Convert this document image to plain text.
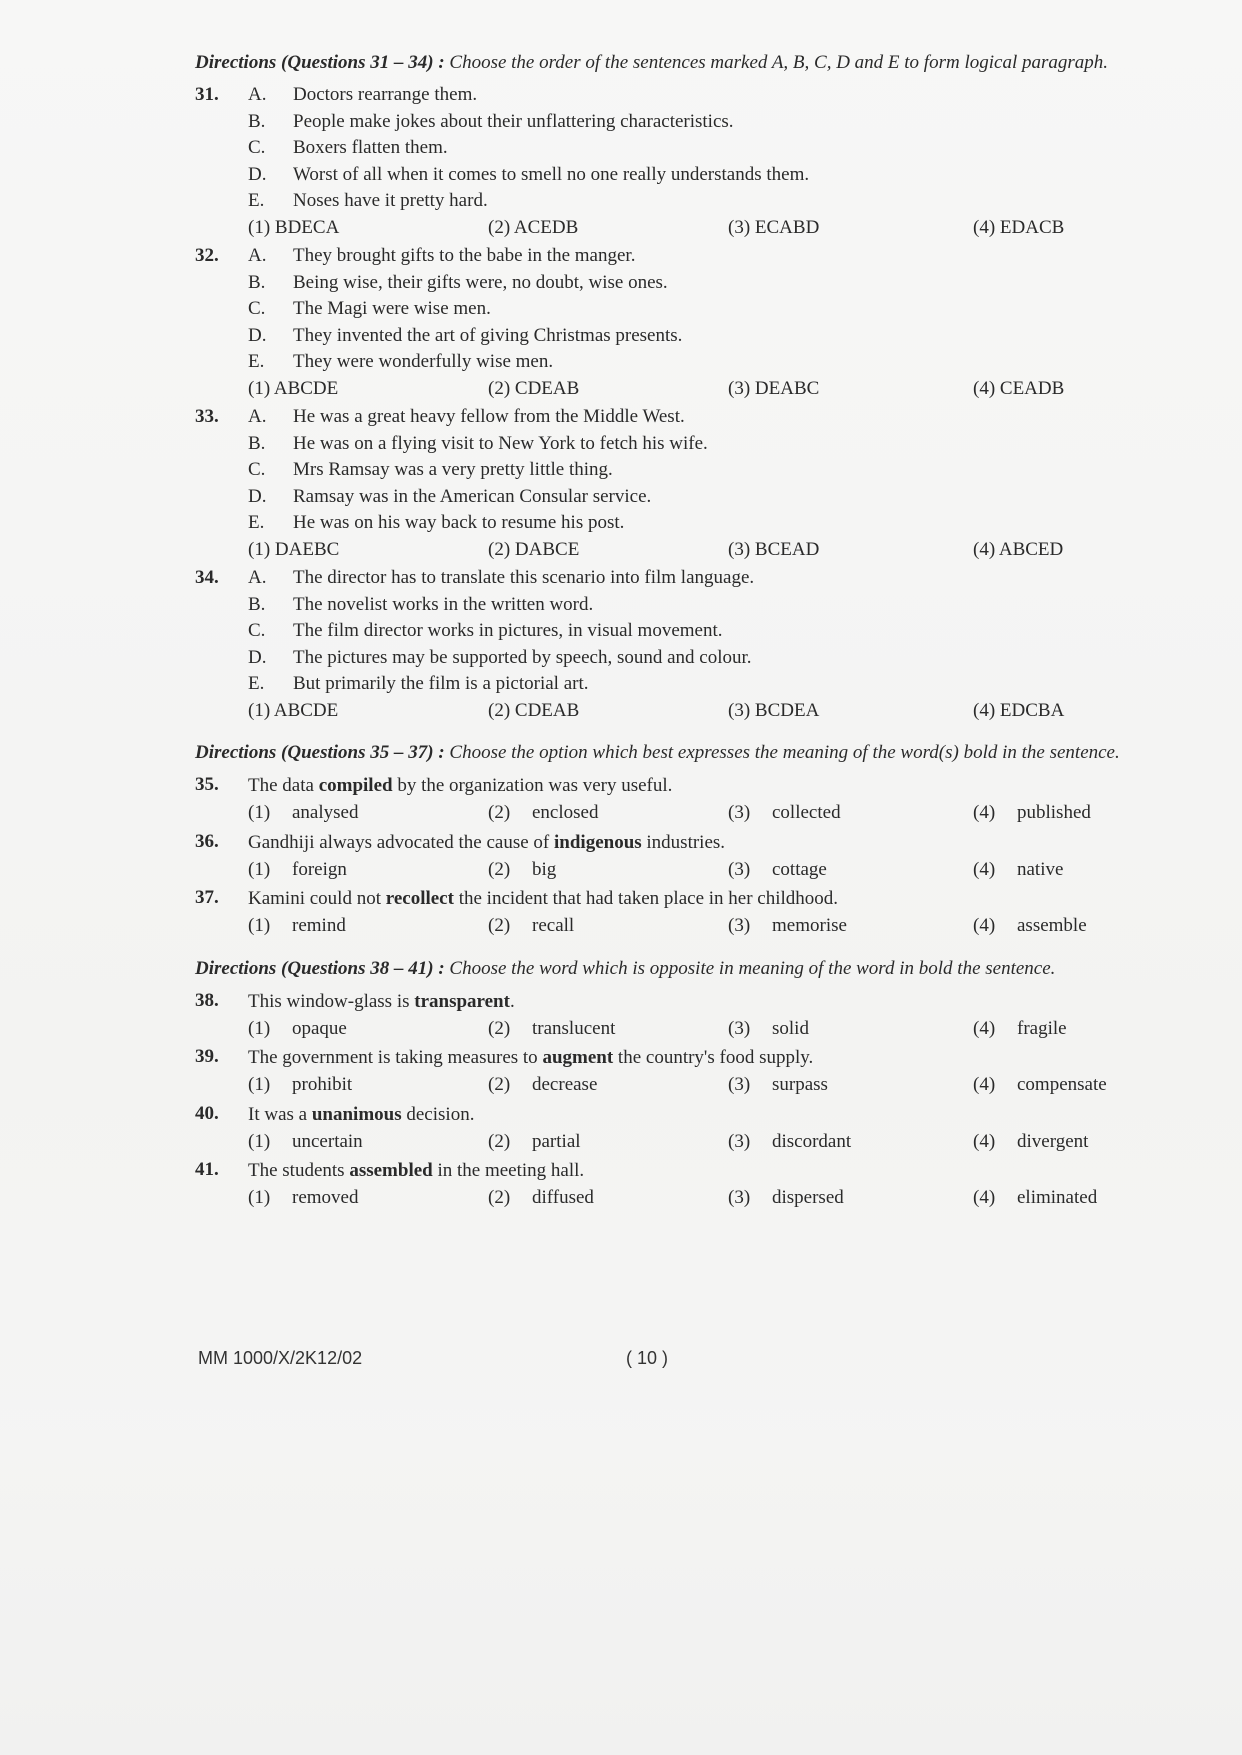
Directions (Questions 31 – 34) : Choose the order of the sentences marked A, B, C, D and E to form logical paragraph.
31.	A.	Doctors rearrange them.
B.	People make jokes about their unflattering characteristics.
C.	Boxers flatten them.
D.	Worst of all when it comes to smell no one really understands them.
E.	Noses have it pretty hard.
(1) BDECA	(2) ACEDB	(3) ECABD	(4) EDACB
32.	A.	They brought gifts to the babe in the manger.
B.	Being wise, their gifts were, no doubt, wise ones.
C.	The Magi were wise men.
D.	They invented the art of giving Christmas presents.
E.	They were wonderfully wise men.
(1) ABCDE	(2) CDEAB	(3) DEABC	(4) CEADB
33.	A.	He was a great heavy fellow from the Middle West.
B.	He was on a flying visit to New York to fetch his wife.
C.	Mrs Ramsay was a very pretty little thing.
D.	Ramsay was in the American Consular service.
E.	He was on his way back to resume his post.
(1) DAEBC	(2) DABCE	(3) BCEAD	(4) ABCED
34.	A.	The director has to translate this scenario into film language.
B.	The novelist works in the written word.
C.	The film director works in pictures, in visual movement.
D.	The pictures may be supported by speech, sound and colour.
E.	But primarily the film is a pictorial art.
(1) ABCDE	(2) CDEAB	(3) BCDEA	(4) EDCBA
Directions (Questions 35 – 37) : Choose the option which best expresses the meaning of the word(s) bold in the sentence.
35.	The data compiled by the organization was very useful.
(1)	analysed	(2)	enclosed	(3)	collected	(4)	published
36.	Gandhiji always advocated the cause of indigenous industries.
(1)	foreign	(2)	big	(3)	cottage	(4)	native
37.	Kamini could not recollect the incident that had taken place in her childhood.
(1)	remind	(2)	recall	(3)	memorise	(4)	assemble
Directions (Questions 38 – 41) : Choose the word which is opposite in meaning of the word in bold the sentence.
38.	This window-glass is transparent.
(1)	opaque	(2)	translucent	(3)	solid	(4)	fragile
39.	The government is taking measures to augment the country's food supply.
(1)	prohibit	(2)	decrease	(3)	surpass	(4)	compensate
40.	It was a unanimous decision.
(1)	uncertain	(2)	partial	(3)	discordant	(4)	divergent
41.	The students assembled in the meeting hall.
(1)	removed	(2)	diffused	(3)	dispersed	(4)	eliminated
MM 1000/X/2K12/02	( 10 )
